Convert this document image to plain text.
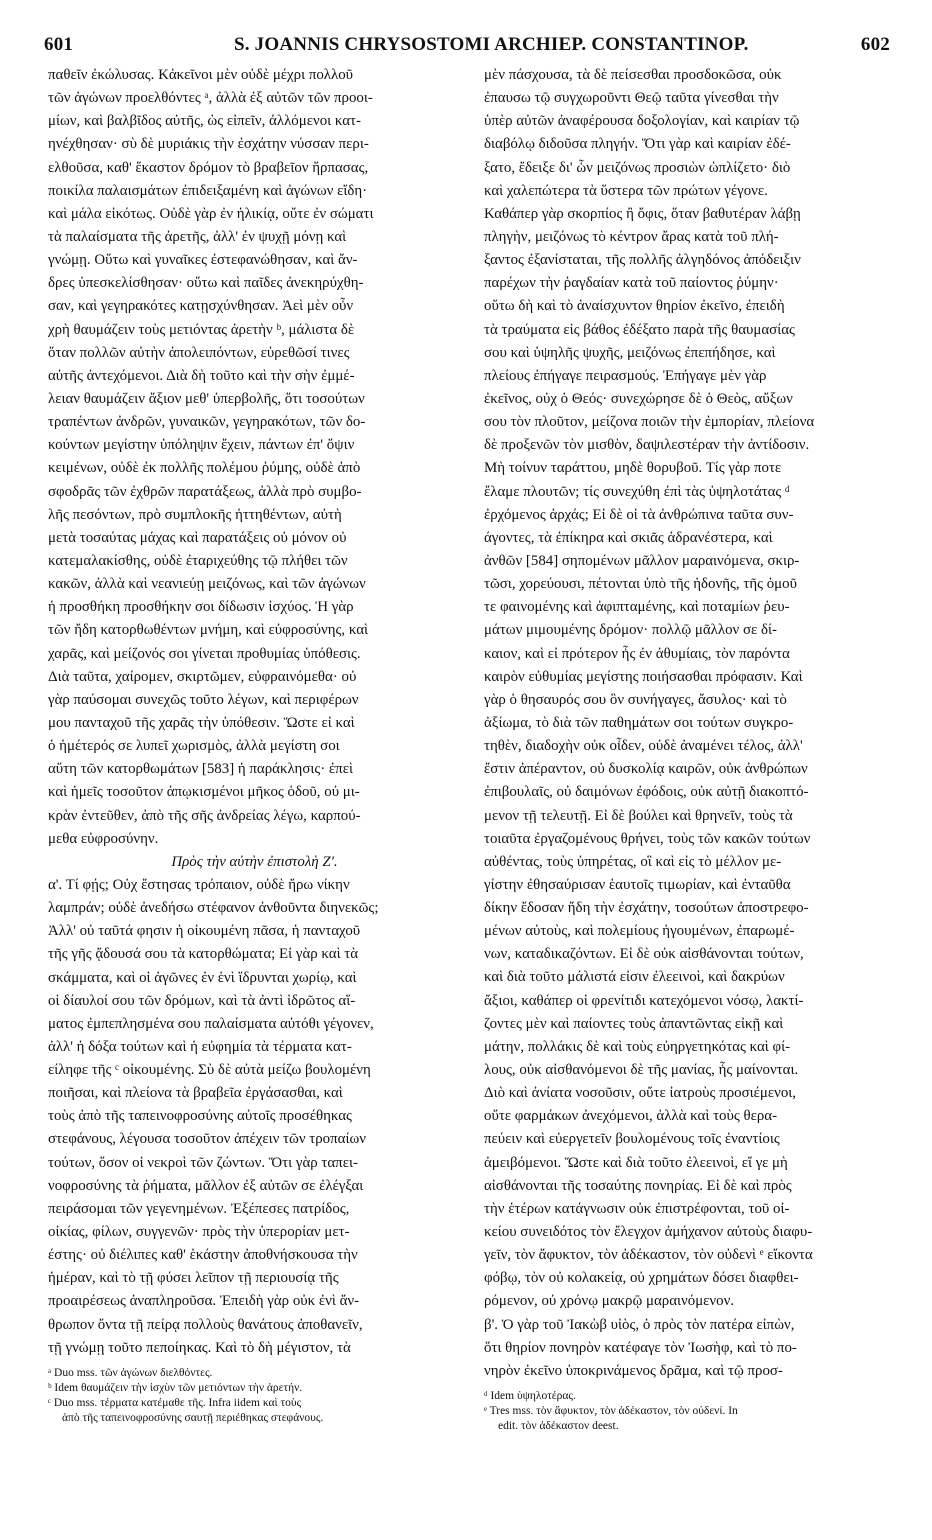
601	S. JOANNIS CHRYSOSTOMI ARCHIEP. CONSTANTINOP.	602

παθεῖν ἐκώλυσας. Κἀκεῖνοι μὲν οὐδὲ μέχρι πολλοῦ
τῶν ἀγώνων προελθόντες ᵃ, ἀλλὰ ἐξ αὐτῶν τῶν προοι-
μίων, καὶ βαλβῖδος αὐτῆς, ὡς εἰπεῖν, ἀλλόμενοι κατ-
ηνέχθησαν· σὺ δὲ μυριάκις τὴν ἐσχάτην νύσσαν περι-
ελθοῦσα, καθ' ἕκαστον δρόμον τὸ βραβεῖον ἥρπασας,
ποικίλα παλαισμάτων ἐπιδειξαμένη καὶ ἀγώνων εἴδη·
καὶ μάλα εἰκότως. Οὐδὲ γὰρ ἐν ἡλικίᾳ, οὔτε ἐν σώματι
τὰ παλαίσματα τῆς ἀρετῆς, ἀλλ' ἐν ψυχῇ μόνῃ καὶ
γνώμῃ. Οὕτω καὶ γυναῖκες ἐστεφανώθησαν, καὶ ἄν-
δρες ὑπεσκελίσθησαν· οὕτω καὶ παῖδες ἀνεκηρύχθη-
σαν, καὶ γεγηρακότες κατῃσχύνθησαν. Ἀεὶ μὲν οὖν
χρὴ θαυμάζειν τοὺς μετιόντας ἀρετὴν ᵇ, μάλιστα δὲ
ὅταν πολλῶν αὐτὴν ἀπολειπόντων, εὑρεθῶσί τινες
αὐτῆς ἀντεχόμενοι. Διὰ δὴ τοῦτο καὶ τὴν σὴν ἐμμέ-
λειαν θαυμάζειν ἄξιον μεθ' ὑπερβολῆς, ὅτι τοσούτων
τραπέντων ἀνδρῶν, γυναικῶν, γεγηρακότων, τῶν δο-
κούντων μεγίστην ὑπόληψιν ἔχειν, πάντων ἐπ' ὄψιν
κειμένων, οὐδὲ ἐκ πολλῆς πολέμου ῥύμης, οὐδὲ ἀπὸ
σφοδρᾶς τῶν ἐχθρῶν παρατάξεως, ἀλλὰ πρὸ συμβο-
λῆς πεσόντων, πρὸ συμπλοκῆς ἡττηθέντων, αὐτὴ
μετὰ τοσαύτας μάχας καὶ παρατάξεις οὐ μόνον οὐ
κατεμαλακίσθης, οὐδὲ ἐταριχεύθης τῷ πλήθει τῶν
κακῶν, ἀλλὰ καὶ νεανιεύῃ μειζόνως, καὶ τῶν ἀγώνων
ἡ προσθήκη προσθήκην σοι δίδωσιν ἰσχύος. Ἡ γὰρ
τῶν ἤδη κατορθωθέντων μνήμη, καὶ εὐφροσύνης, καὶ
χαρᾶς, καὶ μείζονός σοι γίνεται προθυμίας ὑπόθεσις.
Διὰ ταῦτα, χαίρομεν, σκιρτῶμεν, εὐφραινόμεθα· οὐ
γὰρ παύσομαι συνεχῶς τοῦτο λέγων, καὶ περιφέρων
μου πανταχοῦ τῆς χαρᾶς τὴν ὑπόθεσιν. Ὥστε εἰ καὶ
ὁ ἡμέτερός σε λυπεῖ χωρισμὸς, ἀλλὰ μεγίστη σοι
αὕτη τῶν κατορθωμάτων [583] ἡ παράκλησις· ἐπεὶ
καὶ ἡμεῖς τοσοῦτον ἀπῳκισμένοι μῆκος ὁδοῦ, οὐ μι-
κρὰν ἐντεῦθεν, ἀπὸ τῆς σῆς ἀνδρείας λέγω, καρπού-
μεθα εὐφροσύνην.

Πρὸς τὴν αὐτὴν ἐπιστολὴ Ζ'.

α'. Τί φῄς; Οὐχ ἔστησας τρόπαιον, οὐδὲ ἤρω νίκην
λαμπράν; οὐδὲ ἀνεδήσω στέφανον ἀνθοῦντα διηνεκῶς;
Ἀλλ' οὐ ταῦτά φησιν ἡ οἰκουμένη πᾶσα, ἡ πανταχοῦ
τῆς γῆς ᾄδουσά σου τὰ κατορθώματα; Εἰ γὰρ καὶ τὰ
σκάμματα, καὶ οἱ ἀγῶνες ἐν ἑνὶ ἵδρυνται χωρίῳ, καὶ
οἱ δίαυλοί σου τῶν δρόμων, καὶ τὰ ἀντὶ ἱδρῶτος αἵ-
ματος ἐμπεπλησμένα σου παλαίσματα αὐτόθι γέγονεν,
ἀλλ' ἡ δόξα τούτων καὶ ἡ εὐφημία τὰ τέρματα κατ-
είληφε τῆς ᶜ οἰκουμένης. Σὺ δὲ αὐτὰ μείζω βουλομένη
ποιῆσαι, καὶ πλείονα τὰ βραβεῖα ἐργάσασθαι, καὶ
τοὺς ἀπὸ τῆς ταπεινοφροσύνης αὐτοῖς προσέθηκας
στεφάνους, λέγουσα τοσοῦτον ἀπέχειν τῶν τροπαίων
τούτων, ὅσον οἱ νεκροὶ τῶν ζώντων. Ὅτι γὰρ ταπει-
νοφροσύνης τὰ ῥήματα, μᾶλλον ἐξ αὐτῶν σε ἐλέγξαι
πειράσομαι τῶν γεγενημένων. Ἐξέπεσες πατρίδος,
οἰκίας, φίλων, συγγενῶν· πρὸς τὴν ὑπερορίαν μετ-
έστης· οὐ διέλιπες καθ' ἑκάστην ἀποθνήσκουσα τὴν
ἡμέραν, καὶ τὸ τῇ φύσει λεῖπον τῇ περιουσίᾳ τῆς
προαιρέσεως ἀναπληροῦσα. Ἐπειδὴ γὰρ οὐκ ἐνὶ ἄν-
θρωπον ὄντα τῇ πείρᾳ πολλοὺς θανάτους ἀποθανεῖν,
τῇ γνώμῃ τοῦτο πεποίηκας. Καὶ τὸ δὴ μέγιστον, τὰ

ᵃ Duo mss. τῶν ἀγώνων διελθόντες.
ᵇ Idem θαυμάζειν τὴν ἰσχὺν τῶν μετιόντων τὴν ἀρετήν.
ᶜ Duo mss. τέρματα κατέμαθε τῆς. Infra iidem καὶ τοὺς
ἀπὸ τῆς ταπεινοφροσύνης σαυτῇ περιέθηκας στεφάνους.

μὲν πάσχουσα, τὰ δὲ πείσεσθαι προσδοκῶσα, οὐκ
ἐπαυσω τῷ συγχωροῦντι Θεῷ ταῦτα γίνεσθαι τὴν
ὑπὲρ αὐτῶν ἀναφέρουσα δοξολογίαν, καὶ καιρίαν τῷ
διαβόλῳ διδοῦσα πληγήν. Ὅτι γὰρ καὶ καιρίαν ἐδέ-
ξατο, ἔδειξε δι' ὧν μειζόνως προσιὼν ὡπλίζετο· διὸ
καὶ χαλεπώτερα τὰ ὕστερα τῶν πρώτων γέγονε.
Καθάπερ γὰρ σκορπίος ἢ ὄφις, ὅταν βαθυτέραν λάβῃ
πληγὴν, μειζόνως τὸ κέντρον ἄρας κατὰ τοῦ πλή-
ξαντος ἐξανίσταται, τῆς πολλῆς ἀλγηδόνος ἀπόδειξιν
παρέχων τὴν ῥαγδαίαν κατὰ τοῦ παίοντος ῥύμην·
οὕτω δὴ καὶ τὸ ἀναίσχυντον θηρίον ἐκεῖνο, ἐπειδὴ
τὰ τραύματα εἰς βάθος ἐδέξατο παρὰ τῆς θαυμασίας
σου καὶ ὑψηλῆς ψυχῆς, μειζόνως ἐπεπήδησε, καὶ
πλείους ἐπήγαγε πειρασμούς. Ἐπήγαγε μὲν γὰρ
ἐκεῖνος, οὐχ ὁ Θεός· συνεχώρησε δὲ ὁ Θεὸς, αὔξων
σου τὸν πλοῦτον, μείζονα ποιῶν τὴν ἐμπορίαν, πλείονα
δὲ προξενῶν τὸν μισθὸν, δαψιλεστέραν τὴν ἀντίδοσιν.
Μὴ τοίνυν ταράττου, μηδὲ θορυβοῦ. Τίς γὰρ ποτε
ἔλαμε πλουτῶν; τίς συνεχύθη ἐπὶ τὰς ὑψηλοτάτας ᵈ
ἐρχόμενος ἀρχάς; Εἰ δὲ οἱ τὰ ἀνθρώπινα ταῦτα συν-
άγοντες, τὰ ἐπίκηρα καὶ σκιᾶς ἀδρανέστερα, καὶ
ἀνθῶν [584] σηπομένων μᾶλλον μαραινόμενα, σκιρ-
τῶσι, χορεύουσι, πέτονται ὑπὸ τῆς ἡδονῆς, τῆς ὁμοῦ
τε φαινομένης καὶ ἀφιπταμένης, καὶ ποταμίων ῥευ-
μάτων μιμουμένης δρόμον· πολλῷ μᾶλλον σε δί-
καιον, καὶ εἰ πρότερον ἦς ἐν ἀθυμίαις, τὸν παρόντα
καιρὸν εὐθυμίας μεγίστης ποιήσασθαι πρόφασιν. Καὶ
γὰρ ὁ θησαυρός σου ὃν συνήγαγες, ἄσυλος· καὶ τὸ
ἀξίωμα, τὸ διὰ τῶν παθημάτων σοι τούτων συγκρο-
τηθὲν, διαδοχὴν οὐκ οἶδεν, οὐδὲ ἀναμένει τέλος, ἀλλ'
ἔστιν ἀπέραντον, οὐ δυσκολίᾳ καιρῶν, οὐκ ἀνθρώπων
ἐπιβουλαῖς, οὐ δαιμόνων ἐφόδοις, οὐκ αὐτῇ διακοπτό-
μενον τῇ τελευτῇ. Εἰ δὲ βούλει καὶ θρηνεῖν, τοὺς τὰ
τοιαῦτα ἐργαζομένους θρήνει, τοὺς τῶν κακῶν τούτων
αὐθέντας, τοὺς ὑπηρέτας, οἳ καὶ εἰς τὸ μέλλον με-
γίστην ἐθησαύρισαν ἑαυτοῖς τιμωρίαν, καὶ ἐνταῦθα
δίκην ἔδοσαν ἤδη τὴν ἐσχάτην, τοσούτων ἀποστρεφο-
μένων αὐτοὺς, καὶ πολεμίους ἡγουμένων, ἐπαρωμέ-
νων, καταδικαζόντων. Εἰ δὲ οὐκ αἰσθάνονται τούτων,
καὶ διὰ τοῦτο μάλιστά εἰσιν ἐλεεινοὶ, καὶ δακρύων
ἄξιοι, καθάπερ οἱ φρενίτιδι κατεχόμενοι νόσῳ, λακτί-
ζοντες μὲν καὶ παίοντες τοὺς ἀπαντῶντας εἰκῇ καὶ
μάτην, πολλάκις δὲ καὶ τοὺς εὐηργετηκότας καὶ φί-
λους, οὐκ αἰσθανόμενοι δὲ τῆς μανίας, ἧς μαίνονται.
Διὸ καὶ ἀνίατα νοσοῦσιν, οὔτε ἰατροὺς προσιέμενοι,
οὔτε φαρμάκων ἀνεχόμενοι, ἀλλὰ καὶ τοὺς θερα-
πεύειν καὶ εὐεργετεῖν βουλομένους τοῖς ἐναντίοις
ἀμειβόμενοι. Ὥστε καὶ διὰ τοῦτο ἐλεεινοὶ, εἴ γε μὴ
αἰσθάνονται τῆς τοσαύτης πονηρίας. Εἰ δὲ καὶ πρὸς
τὴν ἑτέρων κατάγνωσιν οὐκ ἐπιστρέφονται, τοῦ οἰ-
κείου συνειδότος τὸν ἔλεγχον ἀμήχανον αὐτοὺς διαφυ-
γεῖν, τὸν ἄφυκτον, τὸν ἀδέκαστον, τὸν οὐδενὶ ᵉ εἴκοντα
φόβῳ, τὸν οὐ κολακείᾳ, οὐ χρημάτων δόσει διαφθει-
ρόμενον, οὐ χρόνῳ μακρῷ μαραινόμενον.
β'. Ὁ γὰρ τοῦ Ἰακὼβ υἱὸς, ὁ πρὸς τὸν πατέρα εἰπὼν,
ὅτι θηρίον πονηρὸν κατέφαγε τὸν Ἰωσὴφ, καὶ τὸ πο-
νηρὸν ἐκεῖνο ὑποκρινάμενος δρᾶμα, καὶ τῷ προσ-

ᵈ Idem ὑψηλοτέρας.
ᵉ Tres mss. τὸν ἄφυκτον, τὸν ἀδέκαστον, τὸν οὐδενί. In
edit. τὸν ἀδέκαστον deest.
